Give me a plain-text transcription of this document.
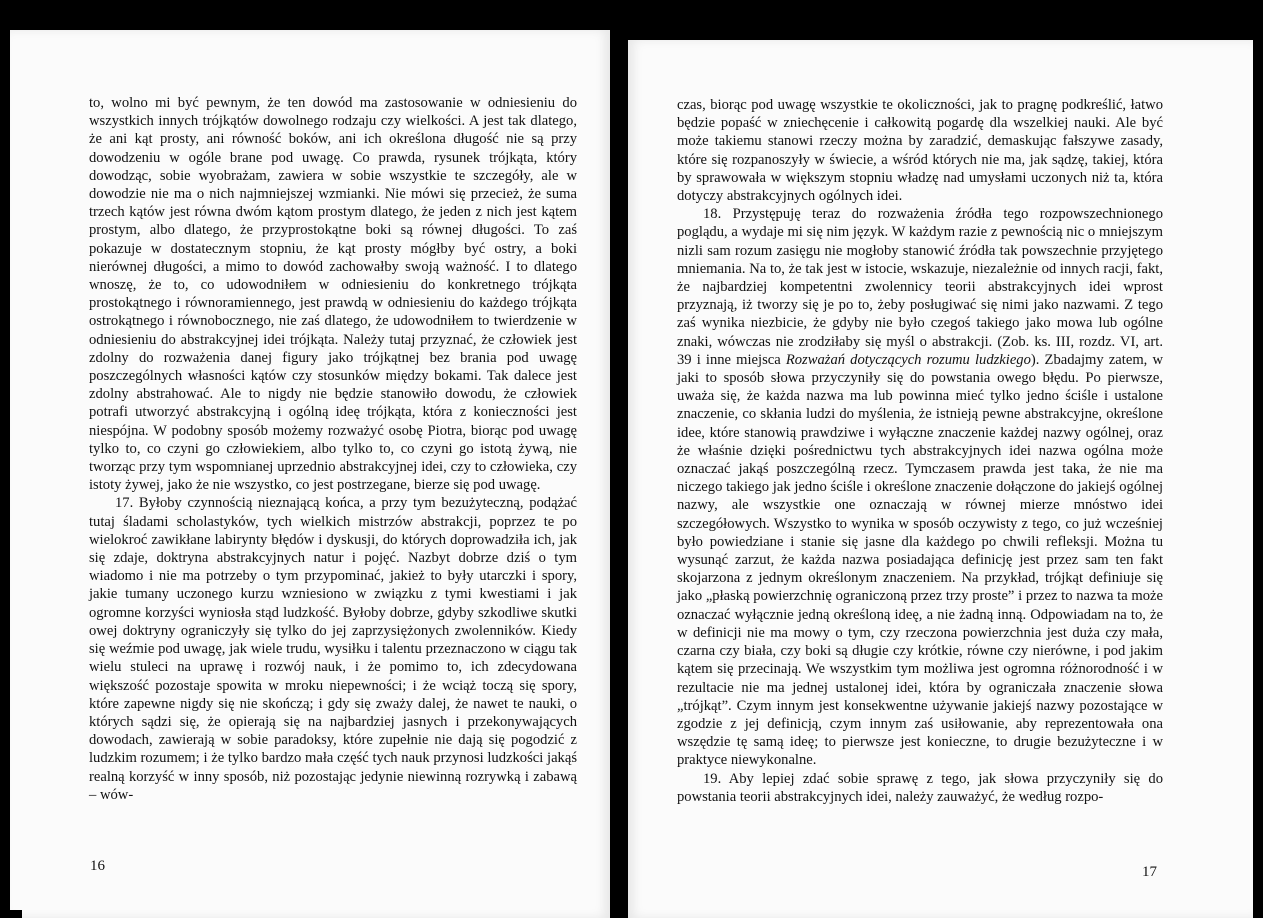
to, wolno mi być pewnym, że ten dowód ma zastosowanie w odniesieniu do wszystkich innych trójkątów dowolnego rodzaju czy wielkości. A jest tak dlatego, że ani kąt prosty, ani równość boków, ani ich określona długość nie są przy dowodzeniu w ogóle brane pod uwagę. Co prawda, rysunek trójkąta, który dowodząc, sobie wyobrażam, zawiera w sobie wszystkie te szczegóły, ale w dowodzie nie ma o nich najmniejszej wzmianki. Nie mówi się przecież, że suma trzech kątów jest równa dwóm kątom prostym dlatego, że jeden z nich jest kątem prostym, albo dlatego, że przyprostokątne boki są równej długości. To zaś pokazuje w dostatecznym stopniu, że kąt prosty mógłby być ostry, a boki nierównej długości, a mimo to dowód zachowałby swoją ważność. I to dlatego wnoszę, że to, co udowodniłem w odniesieniu do konkretnego trójkąta prostokątnego i równoramiennego, jest prawdą w odniesieniu do każdego trójkąta ostrokątnego i równobocznego, nie zaś dlatego, że udowodniłem to twierdzenie w odniesieniu do abstrakcyjnej idei trójkąta. Należy tutaj przyznać, że człowiek jest zdolny do rozważenia danej figury jako trójkątnej bez brania pod uwagę poszczególnych własności kątów czy stosunków między bokami. Tak dalece jest zdolny abstrahować. Ale to nigdy nie będzie stanowiło dowodu, że człowiek potrafi utworzyć abstrakcyjną i ogólną ideę trójkąta, która z konieczności jest niespójna. W podobny sposób możemy rozważyć osobę Piotra, biorąc pod uwagę tylko to, co czyni go człowiekiem, albo tylko to, co czyni go istotą żywą, nie tworząc przy tym wspomnianej uprzednio abstrakcyjnej idei, czy to człowieka, czy istoty żywej, jako że nie wszystko, co jest postrzegane, bierze się pod uwagę.

17. Byłoby czynnością nieznającą końca, a przy tym bezużyteczną, podążać tutaj śladami scholastyków, tych wielkich mistrzów abstrakcji, poprzez te po wielokroć zawikłane labirynty błędów i dyskusji, do których doprowadziła ich, jak się zdaje, doktryna abstrakcyjnych natur i pojęć. Nazbyt dobrze dziś o tym wiadomo i nie ma potrzeby o tym przypominać, jakież to były utarczki i spory, jakie tumany uczonego kurzu wzniesiono w związku z tymi kwestiami i jak ogromne korzyści wyniosła stąd ludzkość. Byłoby dobrze, gdyby szkodliwe skutki owej doktryny ograniczyły się tylko do jej zaprzysiężonych zwolenników. Kiedy się weźmie pod uwagę, jak wiele trudu, wysiłku i talentu przeznaczono w ciągu tak wielu stuleci na uprawę i rozwój nauk, i że pomimo to, ich zdecydowana większość pozostaje spowita w mroku niepewności; i że wciąż toczą się spory, które zapewne nigdy się nie skończą; i gdy się zważy dalej, że nawet te nauki, o których sądzi się, że opierają się na najbardziej jasnych i przekonywających dowodach, zawierają w sobie paradoksy, które zupełnie nie dają się pogodzić z ludzkim rozumem; i że tylko bardzo mała część tych nauk przynosi ludzkości jakąś realną korzyść w inny sposób, niż pozostając jedynie niewinną rozrywką i zabawą – wów-

16

czas, biorąc pod uwagę wszystkie te okoliczności, jak to pragnę podkreślić, łatwo będzie popaść w zniechęcenie i całkowitą pogardę dla wszelkiej nauki. Ale być może takiemu stanowi rzeczy można by zaradzić, demaskując fałszywe zasady, które się rozpanoszyły w świecie, a wśród których nie ma, jak sądzę, takiej, która by sprawowała w większym stopniu władzę nad umysłami uczonych niż ta, która dotyczy abstrakcyjnych ogólnych idei.

18. Przystępuję teraz do rozważenia źródła tego rozpowszechnionego poglądu, a wydaje mi się nim język. W każdym razie z pewnością nic o mniejszym nizli sam rozum zasięgu nie mogłoby stanowić źródła tak powszechnie przyjętego mniemania. Na to, że tak jest w istocie, wskazuje, niezależnie od innych racji, fakt, że najbardziej kompetentni zwolennicy teorii abstrakcyjnych idei wprost przyznają, iż tworzy się je po to, żeby posługiwać się nimi jako nazwami. Z tego zaś wynika niezbicie, że gdyby nie było czegoś takiego jako mowa lub ogólne znaki, wówczas nie zrodziłaby się myśl o abstrakcji. (Zob. ks. III, rozdz. VI, art. 39 i inne miejsca Rozważań dotyczących rozumu ludzkiego). Zbadajmy zatem, w jaki to sposób słowa przyczyniły się do powstania owego błędu. Po pierwsze, uważa się, że każda nazwa ma lub powinna mieć tylko jedno ściśle i ustalone znaczenie, co skłania ludzi do myślenia, że istnieją pewne abstrakcyjne, określone idee, które stanowią prawdziwe i wyłączne znaczenie każdej nazwy ogólnej, oraz że właśnie dzięki pośrednictwu tych abstrakcyjnych idei nazwa ogólna może oznaczać jakąś poszczególną rzecz. Tymczasem prawda jest taka, że nie ma niczego takiego jak jedno ściśle i określone znaczenie dołączone do jakiejś ogólnej nazwy, ale wszystkie one oznaczają w równej mierze mnóstwo idei szczegółowych. Wszystko to wynika w sposób oczywisty z tego, co już wcześniej było powiedziane i stanie się jasne dla każdego po chwili refleksji. Można tu wysunąć zarzut, że każda nazwa posiadająca definicję jest przez sam ten fakt skojarzona z jednym określonym znaczeniem. Na przykład, trójkąt definiuje się jako „płaską powierzchnię ograniczoną przez trzy proste” i przez to nazwa ta może oznaczać wyłącznie jedną określoną ideę, a nie żadną inną. Odpowiadam na to, że w definicji nie ma mowy o tym, czy rzeczona powierzchnia jest duża czy mała, czarna czy biała, czy boki są długie czy krótkie, równe czy nierówne, i pod jakim kątem się przecinają. We wszystkim tym możliwa jest ogromna różnorodność i w rezultacie nie ma jednej ustalonej idei, która by ograniczała znaczenie słowa „trójkąt”. Czym innym jest konsekwentne używanie jakiejś nazwy pozostające w zgodzie z jej definicją, czym innym zaś usiłowanie, aby reprezentowała ona wszędzie tę samą ideę; to pierwsze jest konieczne, to drugie bezużyteczne i w praktyce niewykonalne.

19. Aby lepiej zdać sobie sprawę z tego, jak słowa przyczyniły się do powstania teorii abstrakcyjnych idei, należy zauważyć, że według rozpo-

17
